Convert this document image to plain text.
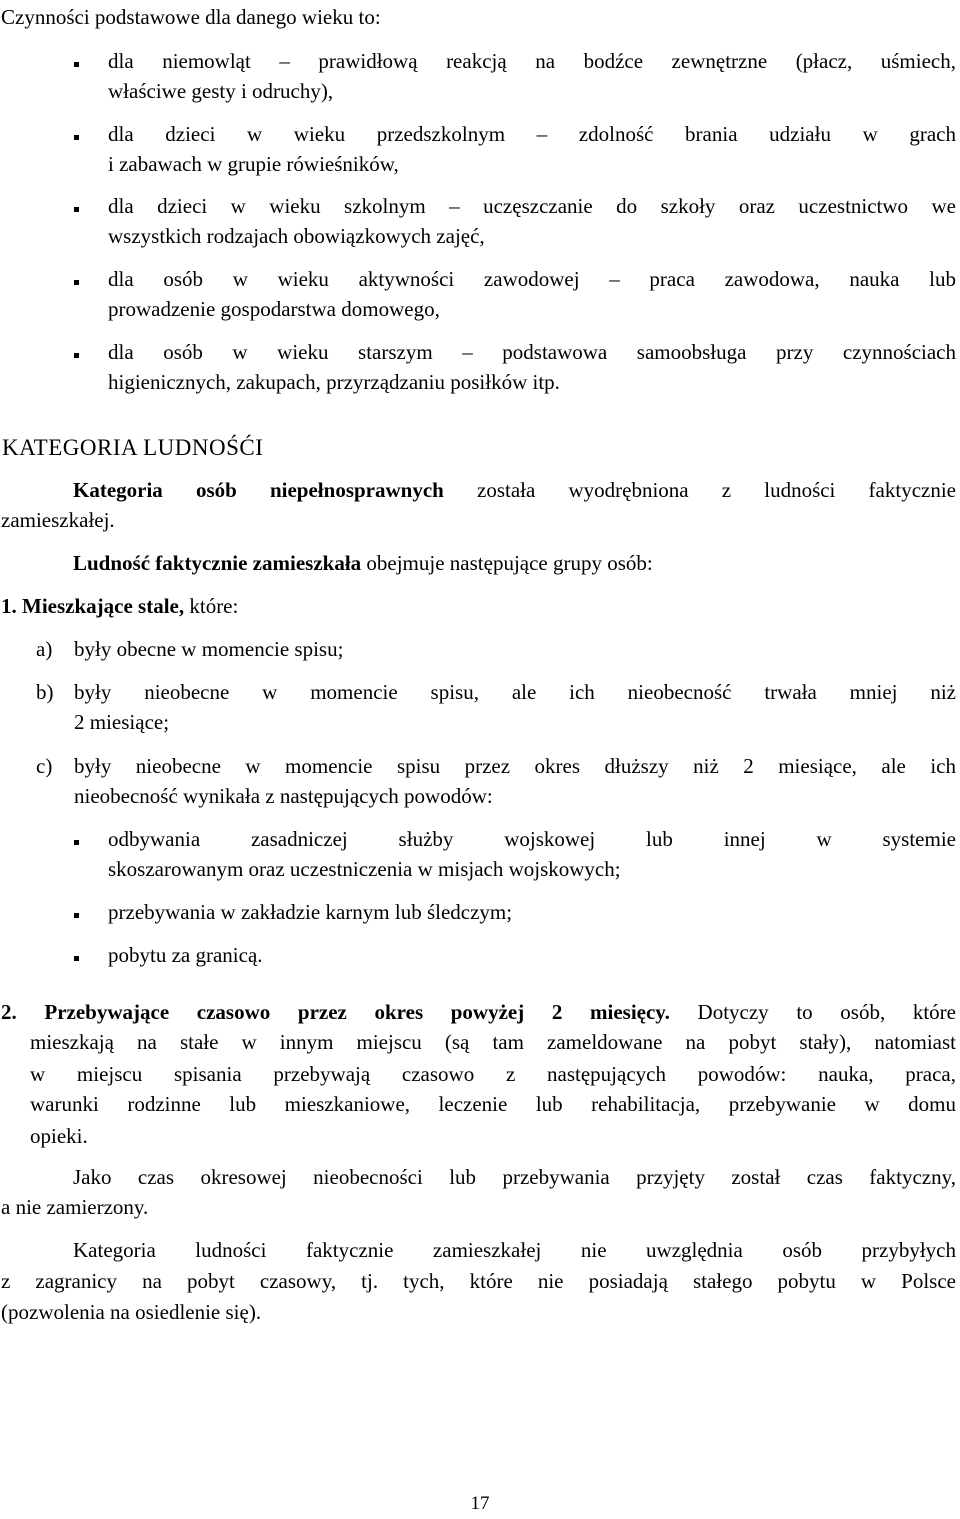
Czynności podstawowe dla danego wieku to:
dla niemowląt – prawidłową reakcją na bodźce zewnętrzne (płacz, uśmiech,
właściwe gesty i odruchy),
dla dzieci w wieku przedszkolnym – zdolność brania udziału w grach
i zabawach w grupie rówieśników,
dla dzieci w wieku szkolnym – uczęszczanie do szkoły oraz uczestnictwo we
wszystkich rodzajach obowiązkowych zajęć,
dla osób w wieku aktywności zawodowej – praca zawodowa, nauka lub
prowadzenie gospodarstwa domowego,
dla osób w wieku starszym – podstawowa samoobsługa przy czynnościach
higienicznych, zakupach, przyrządzaniu posiłków itp.
KATEGORIA LUDNOŚĆI
Kategoria osób niepełnosprawnych została wyodrębniona z ludności faktycznie
zamieszkałej.
Ludność faktycznie zamieszkała obejmuje następujące grupy osób:
1. Mieszkające stale, które:
a) były obecne w momencie spisu;
b) były nieobecne w momencie spisu, ale ich nieobecność trwała mniej niż
2 miesiące;
c) były nieobecne w momencie spisu przez okres dłuższy niż 2 miesiące, ale ich
nieobecność wynikała z następujących powodów:
odbywania zasadniczej służby wojskowej lub innej w systemie
skoszarowanym oraz uczestniczenia w misjach wojskowych;
przebywania w zakładzie karnym lub śledczym;
pobytu za granicą.
2. Przebywające czasowo przez okres powyżej 2 miesięcy. Dotyczy to osób, które
mieszkają na stałe w innym miejscu (są tam zameldowane na pobyt stały), natomiast
w miejscu spisania przebywają czasowo z następujących powodów: nauka, praca,
warunki rodzinne lub mieszkaniowe, leczenie lub rehabilitacja, przebywanie w domu
opieki.
Jako czas okresowej nieobecności lub przebywania przyjęty został czas faktyczny,
a nie zamierzony.
Kategoria ludności faktycznie zamieszkałej nie uwzględnia osób przybyłych
z zagranicy na pobyt czasowy, tj. tych, które nie posiadają stałego pobytu w Polsce
(pozwolenia na osiedlenie się).
17
